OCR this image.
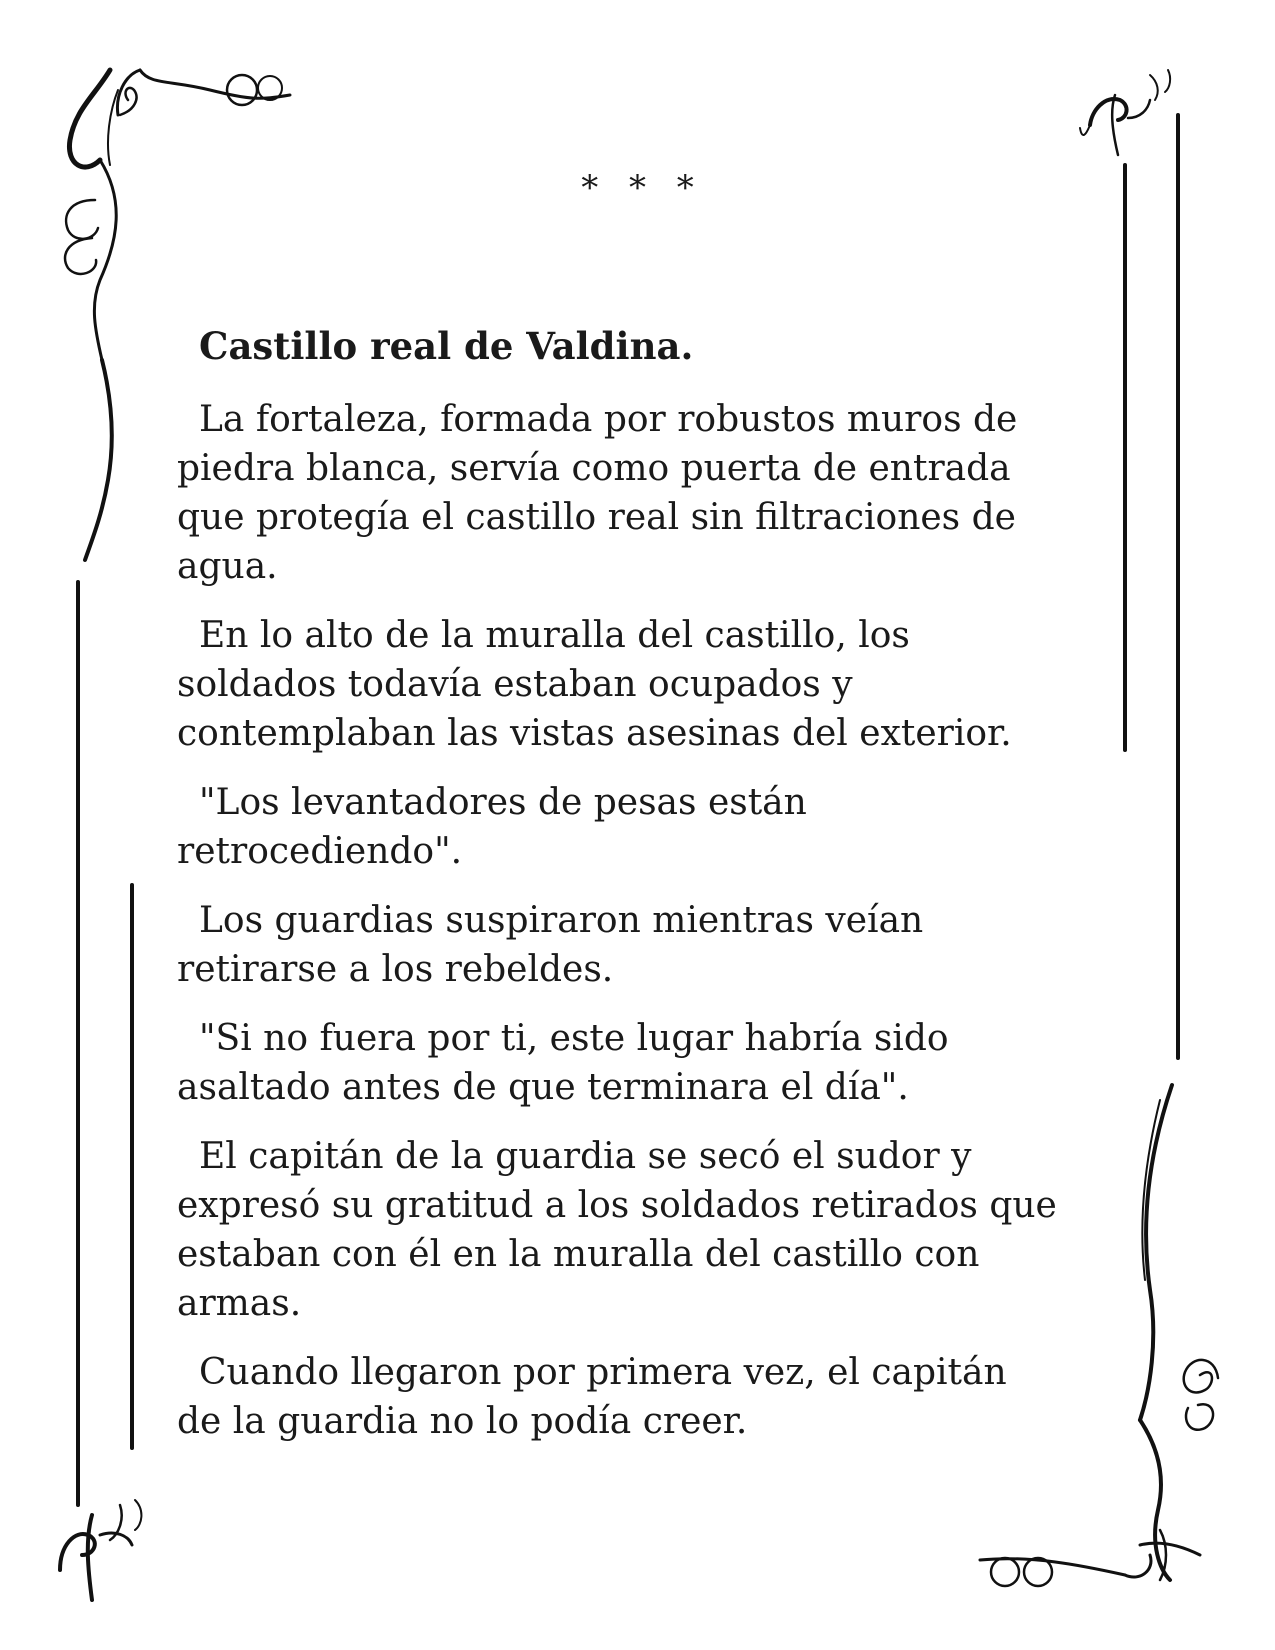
* * *
Castillo real de Valdina.

La fortaleza, formada por robustos muros de piedra blanca, servía como puerta de entrada que protegía el castillo real sin filtraciones de agua.

En lo alto de la muralla del castillo, los soldados todavía estaban ocupados y contemplaban las vistas asesinas del exterior.

"Los levantadores de pesas están retrocediendo".

Los guardias suspiraron mientras veían retirarse a los rebeldes.

"Si no fuera por ti, este lugar habría sido asaltado antes de que terminara el día".

El capitán de la guardia se secó el sudor y expresó su gratitud a los soldados retirados que estaban con él en la muralla del castillo con armas.

Cuando llegaron por primera vez, el capitán de la guardia no lo podía creer.
